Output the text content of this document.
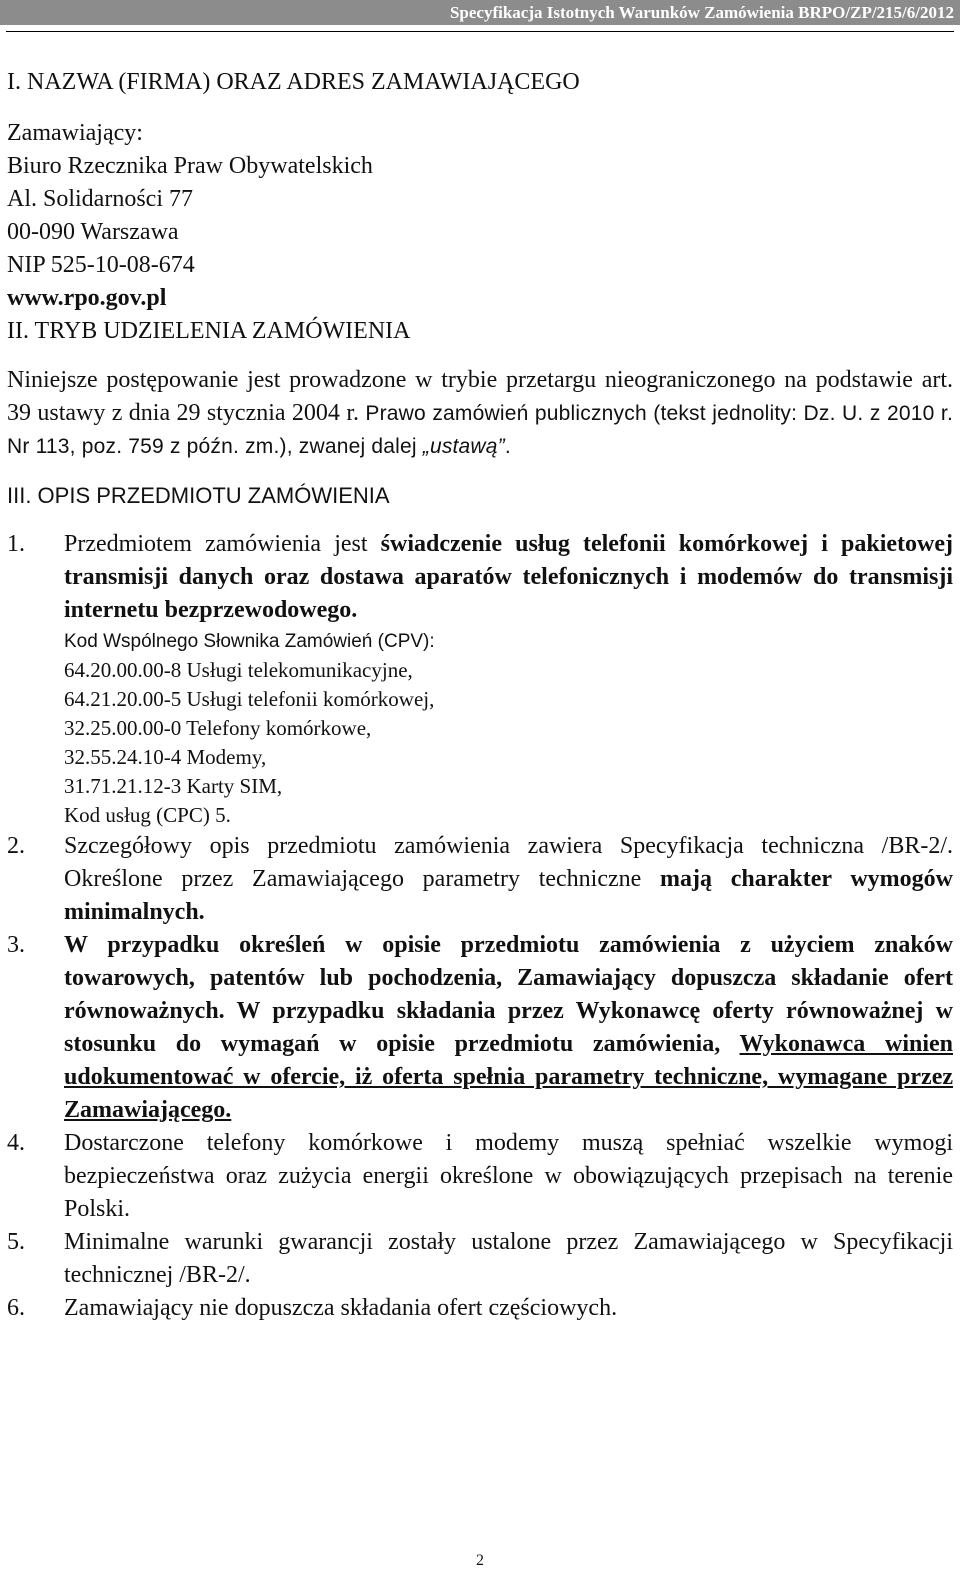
Specyfikacja Istotnych Warunków Zamówienia BRPO/ZP/215/6/2012

I. NAZWA (FIRMA) ORAZ ADRES ZAMAWIAJĄCEGO

Zamawiający:

Biuro Rzecznika Praw Obywatelskich

Al. Solidarności 77

00-090 Warszawa

NIP 525-10-08-674

www.rpo.gov.pl

II. TRYB UDZIELENIA ZAMÓWIENIA

Niniejsze postępowanie jest prowadzone w trybie przetargu nieograniczonego na podstawie art. 39 ustawy z dnia 29 stycznia 2004 r. Prawo zamówień publicznych (tekst jednolity: Dz. U. z 2010 r. Nr 113, poz. 759 z późn. zm.), zwanej dalej „ustawą”.

III. OPIS PRZEDMIOTU ZAMÓWIENIA

1.	Przedmiotem zamówienia jest świadczenie usług telefonii komórkowej i pakietowej transmisji danych oraz dostawa aparatów telefonicznych i modemów do transmisji internetu bezprzewodowego.

Kod Wspólnego Słownika Zamówień (CPV):

64.20.00.00-8 Usługi telekomunikacyjne,

64.21.20.00-5 Usługi telefonii komórkowej,

32.25.00.00-0 Telefony komórkowe,

32.55.24.10-4 Modemy,

31.71.21.12-3 Karty SIM,

Kod usług (CPC) 5.

2.	Szczegółowy opis przedmiotu zamówienia zawiera Specyfikacja techniczna /BR-2/. Określone przez Zamawiającego parametry techniczne mają charakter wymogów minimalnych.
3.	W przypadku określeń w opisie przedmiotu zamówienia z użyciem znaków towarowych, patentów lub pochodzenia, Zamawiający dopuszcza składanie ofert równoważnych. W przypadku składania przez Wykonawcę oferty równoważnej w stosunku do wymagań w opisie przedmiotu zamówienia, Wykonawca winien udokumentować w ofercie, iż oferta spełnia parametry techniczne, wymagane przez Zamawiającego.
4.	Dostarczone telefony komórkowe i modemy muszą spełniać wszelkie wymogi bezpieczeństwa oraz zużycia energii określone w obowiązujących przepisach na terenie Polski.
5.	Minimalne warunki gwarancji zostały ustalone przez Zamawiającego w Specyfikacji technicznej /BR-2/.
6.	Zamawiający nie dopuszcza składania ofert częściowych.
2
